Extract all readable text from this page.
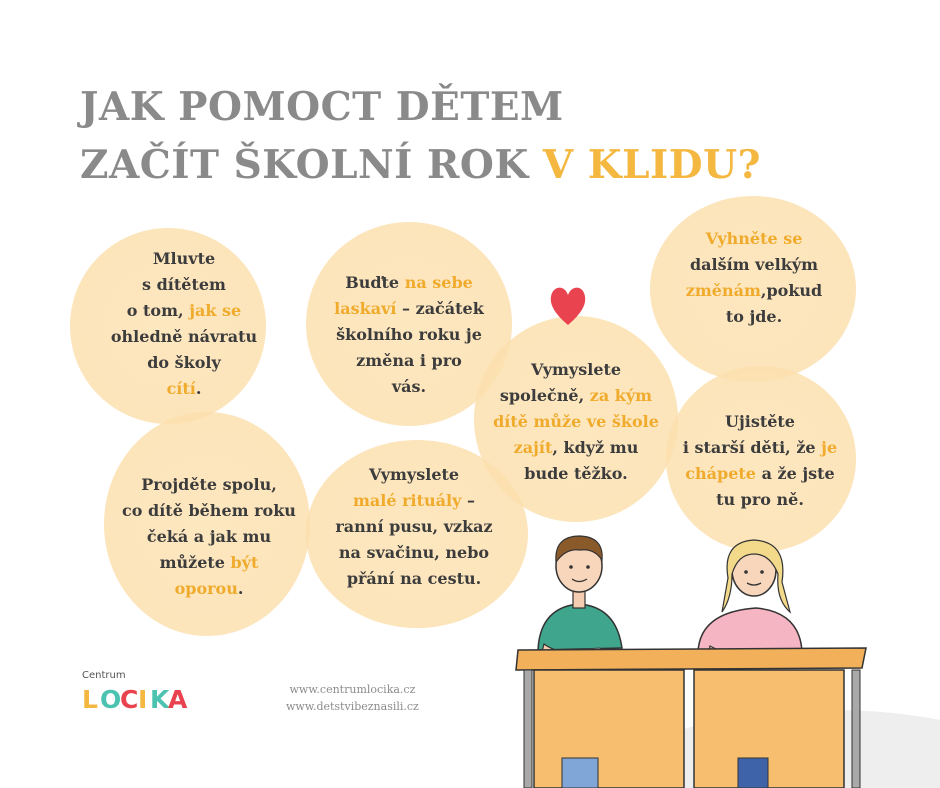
JAK POMOCT DĚTEM
ZAČÍT ŠKOLNÍ ROK V KLIDU?
Mluvte
s dítětem
o tom, jak se
ohledně návratu
do školy
cítí.
Buďte na sebe
laskaví – začátek
školního roku je
změna i pro
vás.
Vymyslete
společně, za kým
dítě může ve škole
zajít, když mu
bude těžko.
Vyhněte se
dalším velkým
změnám,pokud
to jde.
Projděte spolu,
co dítě během roku
čeká a jak mu
můžete být
oporou.
Vymyslete
malé rituály –
ranní pusu, vzkaz
na svačinu, nebo
přání na cestu.
Ujistěte
i starší děti, že je
chápete a že jste
tu pro ně.
Centrum
L O
C I K
A	www.centrumlocika.cz
www.detstvibeznasili.cz
